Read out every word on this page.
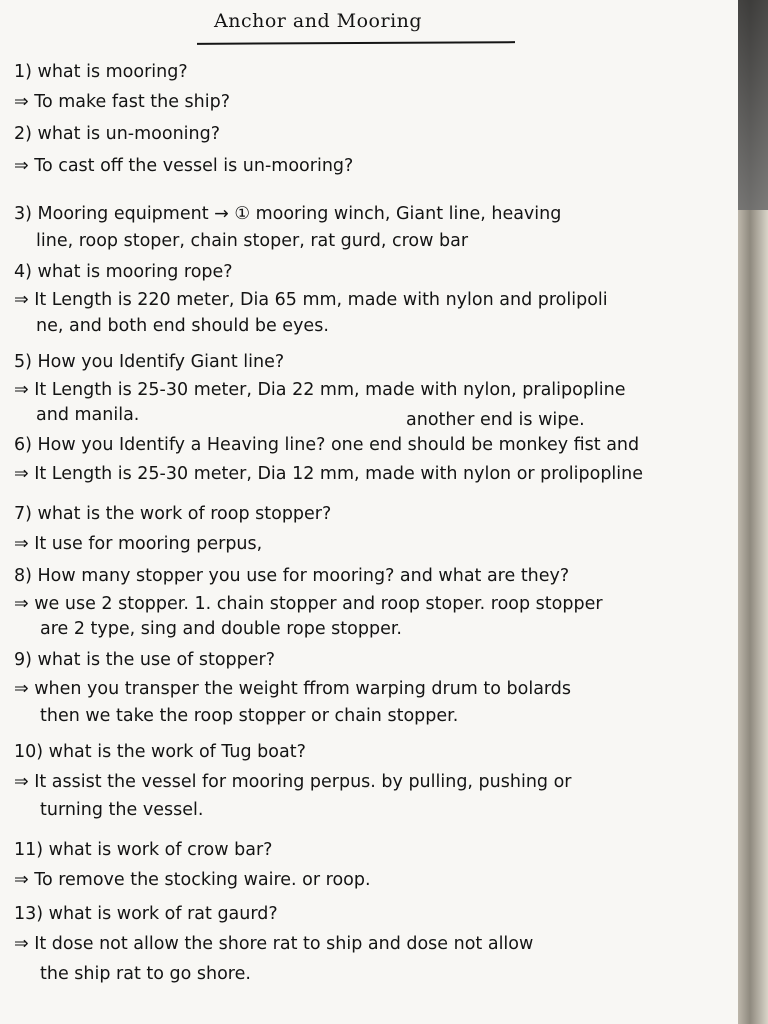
Anchor and Mooring
1) what is mooring?
⇒ To make fast the ship?
2) what is un-mooning?
⇒ To cast off the vessel is un-mooring?
3) Mooring equipment → ① mooring winch, Giant line, heaving
line, roop stoper, chain stoper, rat gurd, crow bar
4) what is mooring rope?
⇒ It Length is 220 meter, Dia 65 mm, made with nylon and prolipoli
ne, and both end should be eyes.
5) How you Identify Giant line?
⇒ It Length is 25-30 meter, Dia 22 mm, made with nylon, pralipopline
and manila.	another end is wipe.
6) How you Identify a Heaving line? one end should be monkey fist and
⇒ It Length is 25-30 meter, Dia 12 mm, made with nylon or prolipopline
7) what is the work of roop stopper?
⇒ It use for mooring perpus,
8) How many stopper you use for mooring? and what are they?
⇒ we use 2 stopper. 1. chain stopper and roop stoper. roop stopper
are 2 type, sing and double rope stopper.
9) what is the use of stopper?
⇒ when you transper the weight ffrom warping drum to bolards
then we take the roop stopper or chain stopper.
10) what is the work of Tug boat?
⇒ It assist the vessel for mooring perpus. by pulling, pushing or
turning the vessel.
11) what is work of crow bar?
⇒ To remove the stocking waire. or roop.
13) what is work of rat gaurd?
⇒ It dose not allow the shore rat to ship and dose not allow
the ship rat to go shore.
